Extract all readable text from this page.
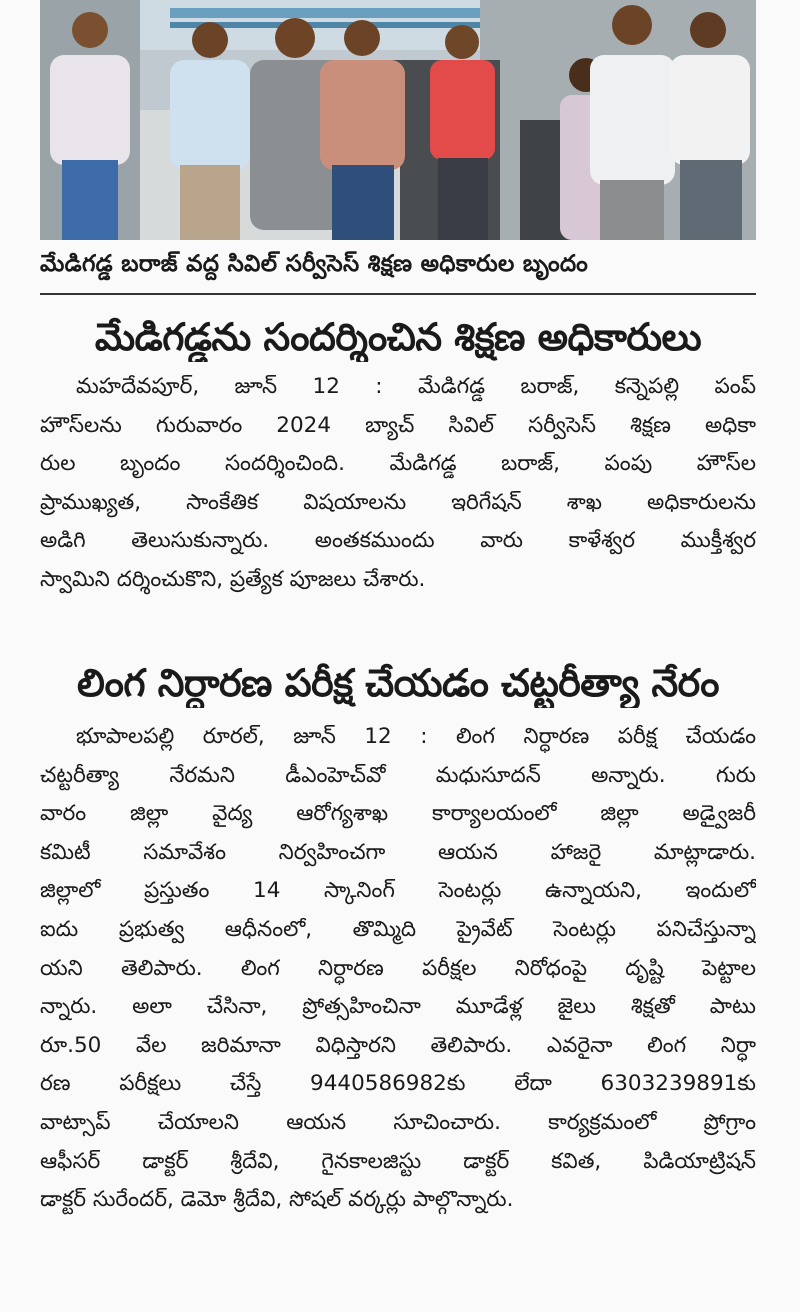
మేడిగడ్డ బరాజ్ వద్ద సివిల్ సర్వీసెస్ శిక్షణ అధికారుల బృందం
మేడిగడ్డను సందర్శించిన శిక్షణ అధికారులు
మహదేవపూర్, జూన్ 12 : మేడిగడ్డ బరాజ్, కన్నెపల్లి పంప్
హౌస్‌లను గురువారం 2024 బ్యాచ్ సివిల్ సర్వీసెస్ శిక్షణ అధికా
రుల బృందం సందర్శించింది. మేడిగడ్డ బరాజ్, పంపు హౌస్‌ల
ప్రాముఖ్యత, సాంకేతిక విషయాలను ఇరిగేషన్ శాఖ అధికారులను
అడిగి తెలుసుకున్నారు. అంతకముందు వారు కాళేశ్వర ముక్తీశ్వర
స్వామిని దర్శించుకొని, ప్రత్యేక పూజలు చేశారు.
లింగ నిర్ధారణ పరీక్ష చేయడం చట్టరీత్యా నేరం
భూపాలపల్లి రూరల్, జూన్ 12 : లింగ నిర్ధారణ పరీక్ష చేయడం
చట్టరీత్యా నేరమని డీఎంహెచ్‌వో మధుసూదన్ అన్నారు. గురు
వారం జిల్లా వైద్య ఆరోగ్యశాఖ కార్యాలయంలో జిల్లా అడ్వైజరీ
కమిటీ సమావేశం నిర్వహించగా ఆయన హాజరై మాట్లాడారు.
జిల్లాలో ప్రస్తుతం 14 స్కానింగ్ సెంటర్లు ఉన్నాయని, ఇందులో
ఐదు ప్రభుత్వ ఆధీనంలో, తొమ్మిది ప్రైవేట్ సెంటర్లు పనిచేస్తున్నా
యని తెలిపారు. లింగ నిర్ధారణ పరీక్షల నిరోధంపై దృష్టి పెట్టాల
న్నారు. అలా చేసినా, ప్రోత్సహించినా మూడేళ్ల జైలు శిక్షతో పాటు
రూ.50 వేల జరిమానా విధిస్తారని తెలిపారు. ఎవరైనా లింగ నిర్ధా
రణ పరీక్షలు చేస్తే 9440586982కు లేదా 6303239891కు
వాట్సాప్ చేయాలని ఆయన సూచించారు. కార్యక్రమంలో ప్రోగ్రాం
ఆఫీసర్ డాక్టర్ శ్రీదేవి, గైనకాలజిస్టు డాక్టర్ కవిత, పిడియాట్రిషన్
డాక్టర్ సురేందర్, డెమో శ్రీదేవి, సోషల్ వర్కర్లు పాల్గొన్నారు.
